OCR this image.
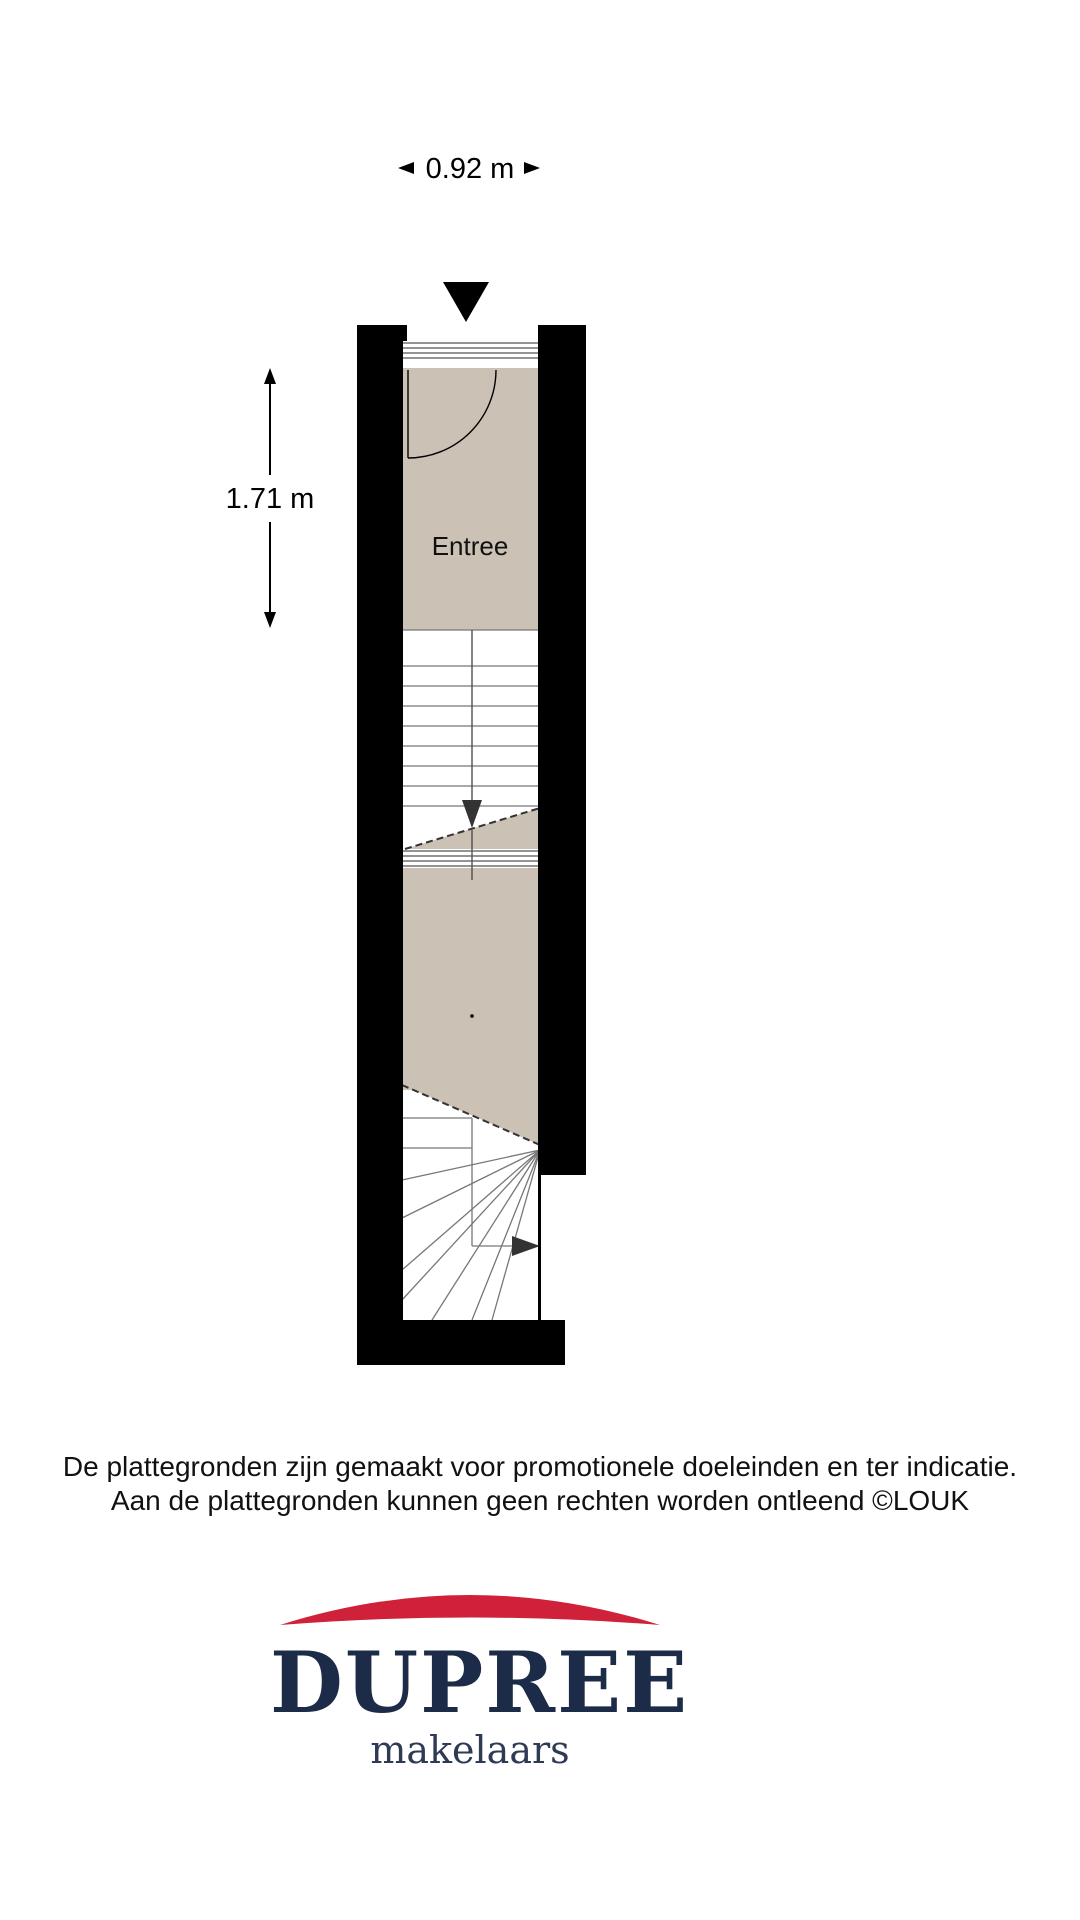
0.92 m
1.71 m
Entree
De plattegronden zijn gemaakt voor promotionele doeleinden en ter indicatie.
Aan de plattegronden kunnen geen rechten worden ontleend ©LOUK
DUPREE
makelaars
